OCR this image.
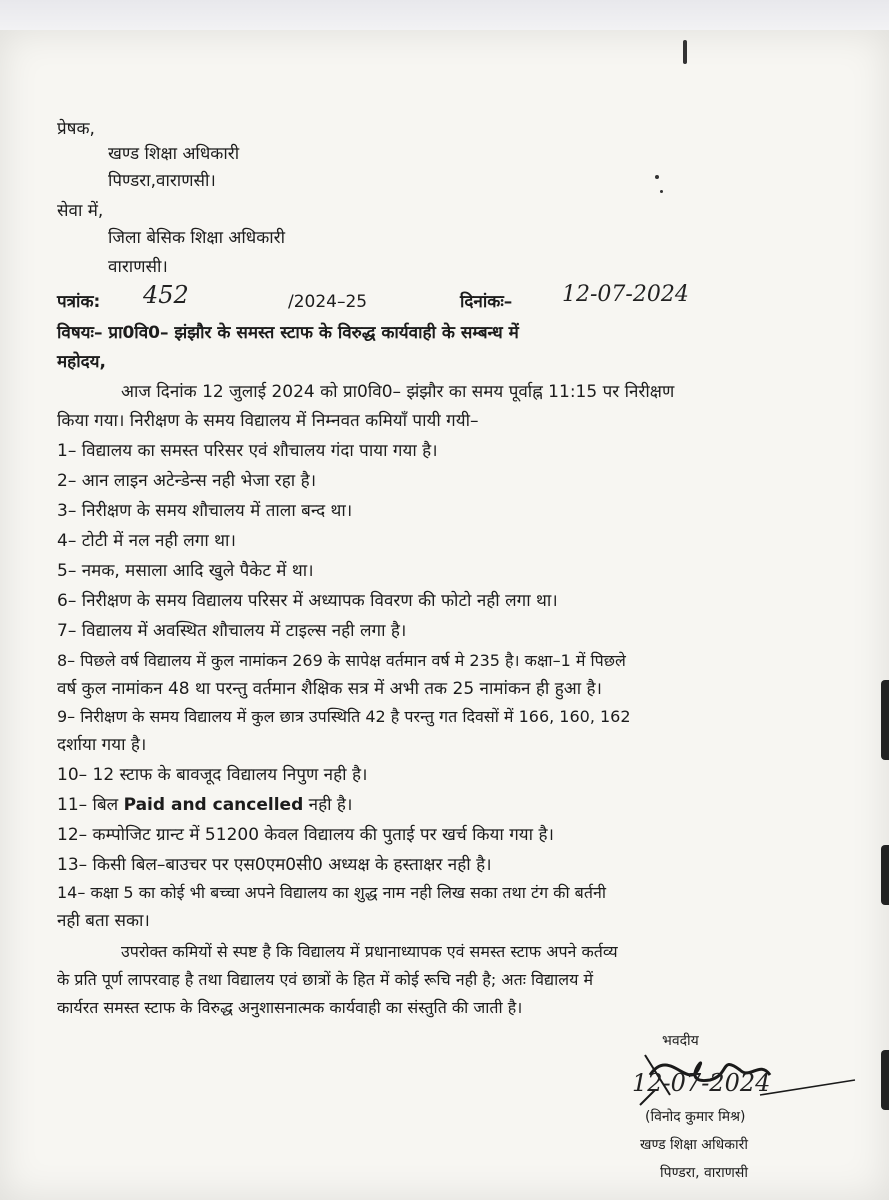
प्रेषक,
खण्ड शिक्षा अधिकारी
पिण्डरा,वाराणसी।
सेवा में,
जिला बेसिक शिक्षा अधिकारी
वाराणसी।
पत्रांक: 452	/2024–25	दिनांकः– 12-07-2024
विषयः– प्रा0वि0– झंझौर के समस्त स्टाफ के विरुद्ध कार्यवाही के सम्बन्ध में
महोदय,
आज दिनांक 12 जुलाई 2024 को प्रा0वि0– झंझौर का समय पूर्वाह्न 11:15 पर निरीक्षण
किया गया। निरीक्षण के समय विद्यालय में निम्नवत कमियाँ पायी गयी–
1– विद्यालय का समस्त परिसर एवं शौचालय गंदा पाया गया है।
2– आन लाइन अटेन्डेन्स नही भेजा रहा है।
3– निरीक्षण के समय शौचालय में ताला बन्द था।
4– टोटी में नल नही लगा था।
5– नमक, मसाला आदि खुले पैकेट में था।
6– निरीक्षण के समय विद्यालय परिसर में अध्यापक विवरण की फोटो नही लगा था।
7– विद्यालय में अवस्थित शौचालय में टाइल्स नही लगा है।
8– पिछले वर्ष विद्यालय में कुल नामांकन 269 के सापेक्ष वर्तमान वर्ष मे 235 है। कक्षा–1 में पिछले
वर्ष कुल नामांकन 48 था परन्तु वर्तमान शैक्षिक सत्र में अभी तक 25 नामांकन ही हुआ है।
9– निरीक्षण के समय विद्यालय में कुल छात्र उपस्थिति 42 है परन्तु गत दिवसों में 166, 160, 162
दर्शाया गया है।
10– 12 स्टाफ के बावजूद विद्यालय निपुण नही है।
11– बिल Paid and cancelled नही है।
12– कम्पोजिट ग्रान्ट में 51200 केवल विद्यालय की पुताई पर खर्च किया गया है।
13– किसी बिल–बाउचर पर एस0एम0सी0 अध्यक्ष के हस्ताक्षर नही है।
14– कक्षा 5 का कोई भी बच्चा अपने विद्यालय का शुद्ध नाम नही लिख सका तथा टंग की बर्तनी
नही बता सका।
उपरोक्त कमियों से स्पष्ट है कि विद्यालय में प्रधानाध्यापक एवं समस्त स्टाफ अपने कर्तव्य
के प्रति पूर्ण लापरवाह है तथा विद्यालय एवं छात्रों के हित में कोई रूचि नही है; अतः विद्यालय में
कार्यरत समस्त स्टाफ के विरुद्ध अनुशासनात्मक कार्यवाही का संस्तुति की जाती है।
भवदीय
12-07-2024
(विनोद कुमार मिश्र)
खण्ड शिक्षा अधिकारी
पिण्डरा, वाराणसी
